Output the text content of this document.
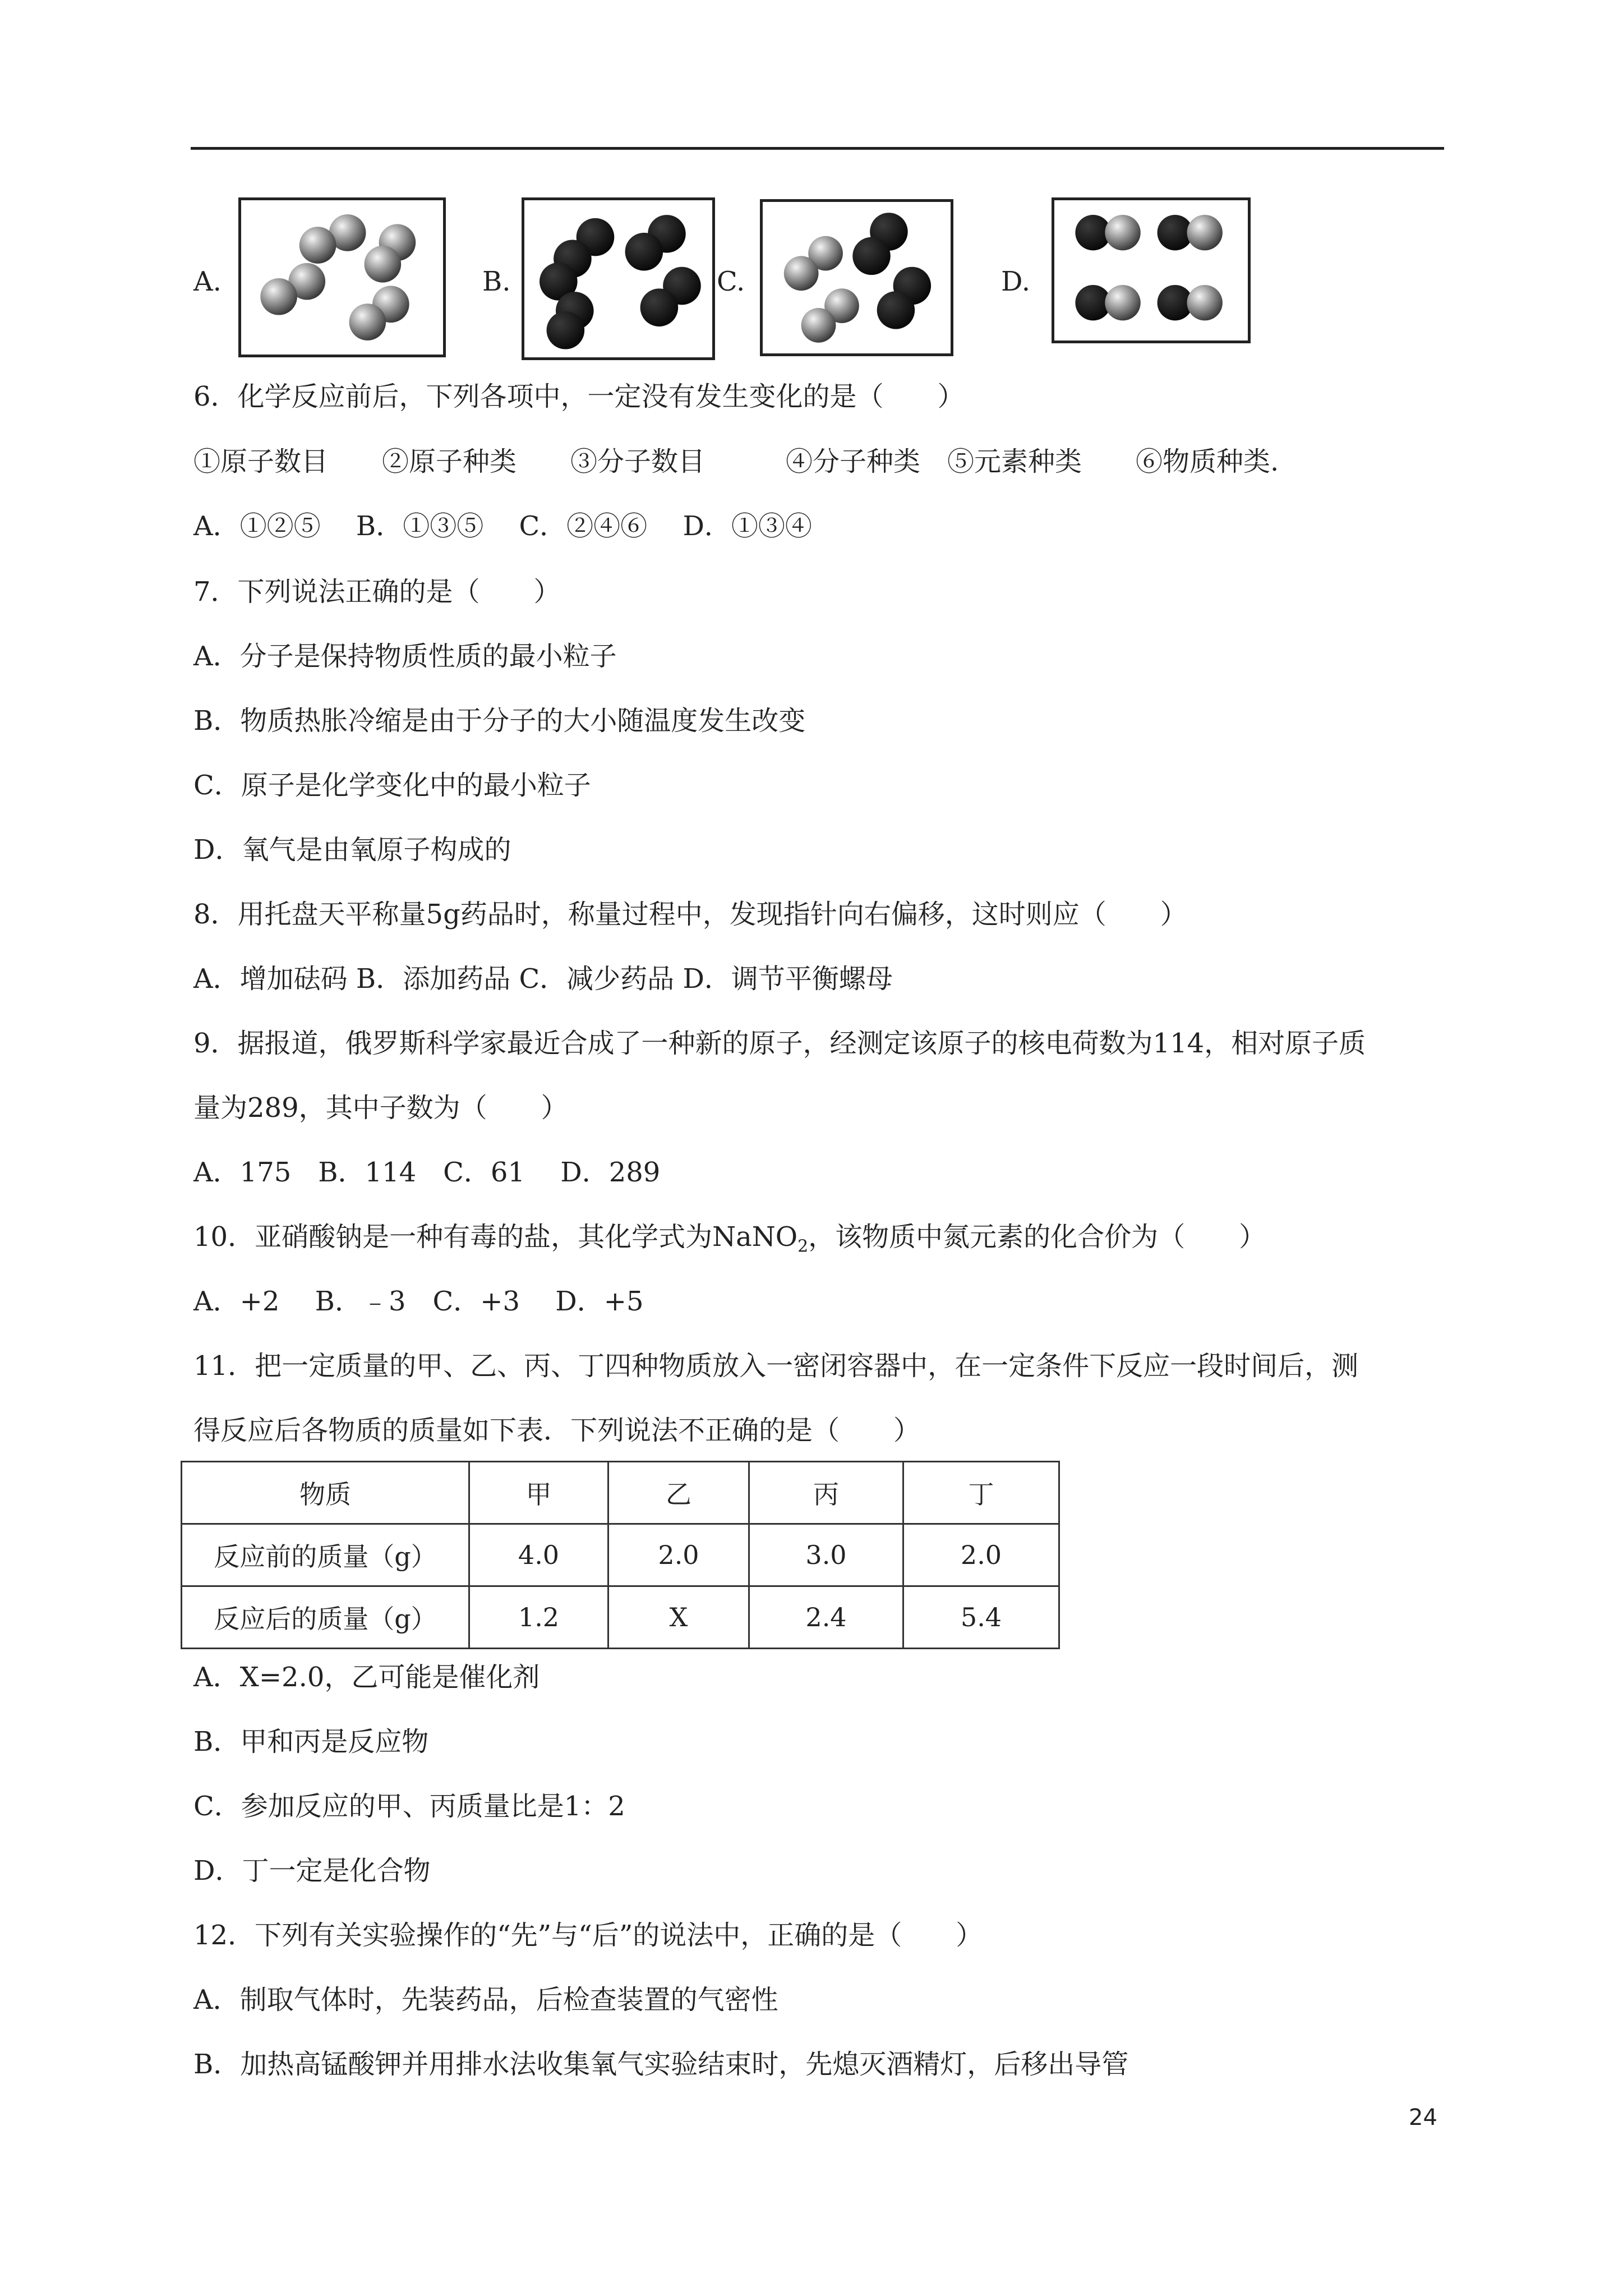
A.	B.	C.	D.
6．化学反应前后，下列各项中，一定没有发生变化的是（　　）
①原子数目　　②原子种类　　③分子数目　　　④分子种类　⑤元素种类　　⑥物质种类.
A．①②⑤　 B．①③⑤　 C．②④⑥　 D．①③④
7．下列说法正确的是（　　）
A．分子是保持物质性质的最小粒子
B．物质热胀冷缩是由于分子的大小随温度发生改变
C．原子是化学变化中的最小粒子
D．氧气是由氧原子构成的
8．用托盘天平称量5g药品时，称量过程中，发现指针向右偏移，这时则应（　　）
A．增加砝码 B．添加药品 C．减少药品 D．调节平衡螺母
9．据报道，俄罗斯科学家最近合成了一种新的原子，经测定该原子的核电荷数为114，相对原子质
量为289，其中子数为（　　）
A．175　B．114　C．61　 D．289
10．亚硝酸钠是一种有毒的盐，其化学式为NaNO$_2$，该物质中氮元素的化合价为（　　）
A．+2　 B．﹣3　C．+3　 D．+5
11．把一定质量的甲、乙、丙、丁四种物质放入一密闭容器中，在一定条件下反应一段时间后，测
得反应后各物质的质量如下表．下列说法不正确的是（　　）
物质	甲	乙	丙	丁
反应前的质量（g）	4.0	2.0	3.0	2.0
反应后的质量（g）	1.2	X	2.4	5.4
A．X=2.0，乙可能是催化剂
B．甲和丙是反应物
C．参加反应的甲、丙质量比是1：2
D．丁一定是化合物
12．下列有关实验操作的“先”与“后”的说法中，正确的是（　　）
A．制取气体时，先装药品，后检查装置的气密性
B．加热高锰酸钾并用排水法收集氧气实验结束时，先熄灭酒精灯，后移出导管
24
